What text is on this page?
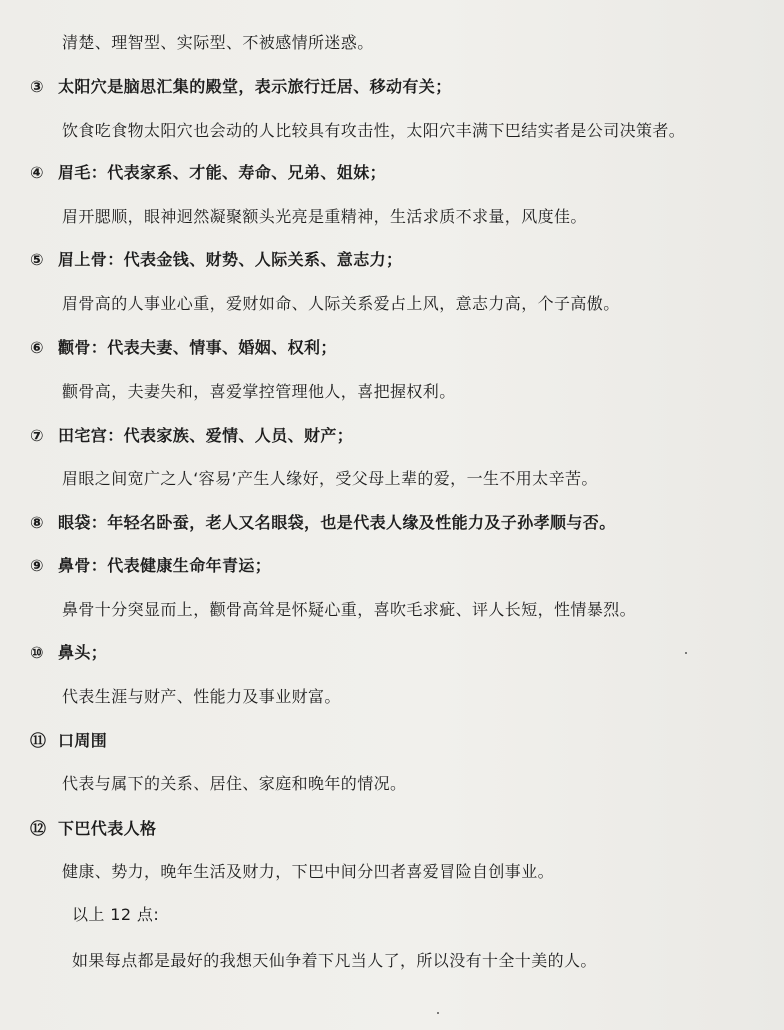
清楚、理智型、实际型、不被感情所迷惑。
③ 太阳穴是脑思汇集的殿堂，表示旅行迁居、移动有关；
饮食吃食物太阳穴也会动的人比较具有攻击性，太阳穴丰满下巴结实者是公司决策者。
④ 眉毛：代表家系、才能、寿命、兄弟、姐妹；
眉开腮顺，眼神迥然凝聚额头光亮是重精神，生活求质不求量，风度佳。
⑤ 眉上骨：代表金钱、财势、人际关系、意志力；
眉骨高的人事业心重，爱财如命、人际关系爱占上风，意志力高，个子高傲。
⑥ 颧骨：代表夫妻、情事、婚姻、权利；
颧骨高，夫妻失和，喜爱掌控管理他人，喜把握权利。
⑦ 田宅宫：代表家族、爱情、人员、财产；
眉眼之间宽广之人‘容易’产生人缘好，受父母上辈的爱，一生不用太辛苦。
⑧ 眼袋：年轻名卧蚕，老人又名眼袋，也是代表人缘及性能力及子孙孝顺与否。
⑨ 鼻骨：代表健康生命年青运；
鼻骨十分突显而上，颧骨高耸是怀疑心重，喜吹毛求疵、评人长短，性情暴烈。
⑩ 鼻头；
代表生涯与财产、性能力及事业财富。
⑪ 口周围
代表与属下的关系、居住、家庭和晚年的情况。
⑫ 下巴代表人格
健康、势力，晚年生活及财力，下巴中间分凹者喜爱冒险自创事业。
以上 12 点:
如果每点都是最好的我想天仙争着下凡当人了，所以没有十全十美的人。
